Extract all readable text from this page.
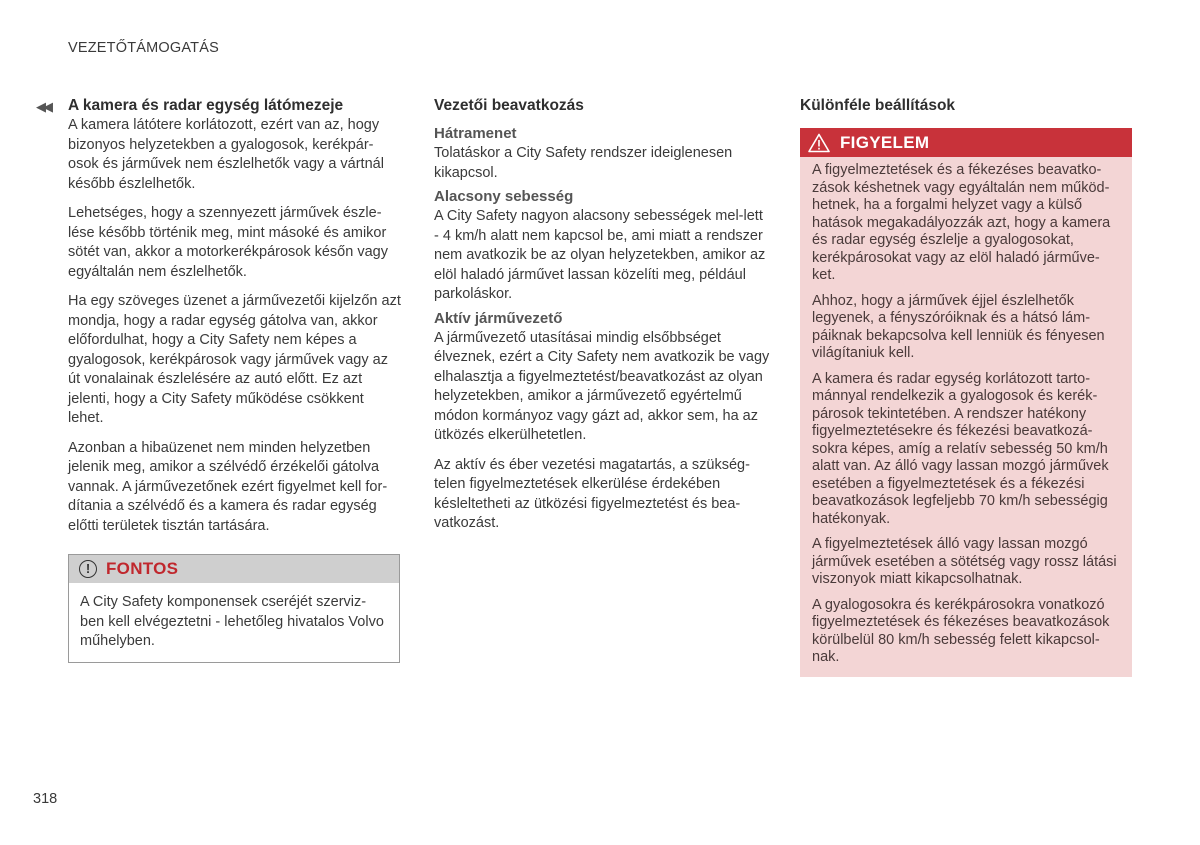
VEZETŐTÁMOGATÁS
◀◀ A kamera és radar egység látómezeje

A kamera látótere korlátozott, ezért van az, hogy bizonyos helyzetekben a gyalogosok, kerékpár-osok és járművek nem észlelhetők vagy a vártnál később észlelhetők.

Lehetséges, hogy a szennyezett járművek észle-lése később történik meg, mint másoké és amikor sötét van, akkor a motorkerékpárosok későn vagy egyáltalán nem észlelhetők.

Ha egy szöveges üzenet a járművezetői kijelzőn azt mondja, hogy a radar egység gátolva van, akkor előfordulhat, hogy a City Safety nem képes a gyalogosok, kerékpárosok vagy járművek vagy az út vonalainak észlelésére az autó előtt. Ez azt jelenti, hogy a City Safety működése csökkent lehet.

Azonban a hibaüzenet nem minden helyzetben jelenik meg, amikor a szélvédő érzékelői gátolva vannak. A járművezetőnek ezért figyelmet kell for-dítania a szélvédő és a kamera és radar egység előtti területek tisztán tartására.

! FONTOS
A City Safety komponensek cseréjét szerviz-ben kell elvégeztetni - lehetőleg hivatalos Volvo műhelyben.
Vezetői beavatkozás
Hátramenet

Tolatáskor a City Safety rendszer ideiglenesen kikapcsol.

Alacsony sebesség

A City Safety nagyon alacsony sebességek mel-lett - 4 km/h alatt nem kapcsol be, ami miatt a rendszer nem avatkozik be az olyan helyzetekben, amikor az elöl haladó járművet lassan közelíti meg, például parkoláskor.

Aktív járművezető

A járművezető utasításai mindig elsőbbséget élveznek, ezért a City Safety nem avatkozik be vagy elhalasztja a figyelmeztetést/beavatkozást az olyan helyzetekben, amikor a járművezető egyértelmű módon kormányoz vagy gázt ad, akkor sem, ha az ütközés elkerülhetetlen.

Az aktív és éber vezetési magatartás, a szükség-telen figyelmeztetések elkerülése érdekében késleltetheti az ütközési figyelmeztetést és bea-vatkozást.

Különféle beállítások
FIGYELEM

A figyelmeztetések és a fékezéses beavatko-zások késhetnek vagy egyáltalán nem működ-hetnek, ha a forgalmi helyzet vagy a külső hatások megakadályozzák azt, hogy a kamera és radar egység észlelje a gyalogosokat, kerékpárosokat vagy az elöl haladó járműve-ket.

Ahhoz, hogy a járművek éjjel észlelhetők legyenek, a fényszóróiknak és a hátsó lám-páiknak bekapcsolva kell lenniük és fényesen világítaniuk kell.

A kamera és radar egység korlátozott tarto-mánnyal rendelkezik a gyalogosok és kerék-párosok tekintetében. A rendszer hatékony figyelmeztetésekre és fékezési beavatkozá-sokra képes, amíg a relatív sebesség 50 km/h alatt van. Az álló vagy lassan mozgó járművek esetében a figyelmeztetések és a fékezési beavatkozások legfeljebb 70 km/h sebességig hatékonyak.

A figyelmeztetések álló vagy lassan mozgó járművek esetében a sötétség vagy rossz látási viszonyok miatt kikapcsolhatnak.

A gyalogosokra és kerékpárosokra vonatkozó figyelmeztetések és fékezéses beavatkozások körülbelül 80 km/h sebesség felett kikapcsol-nak.

318
